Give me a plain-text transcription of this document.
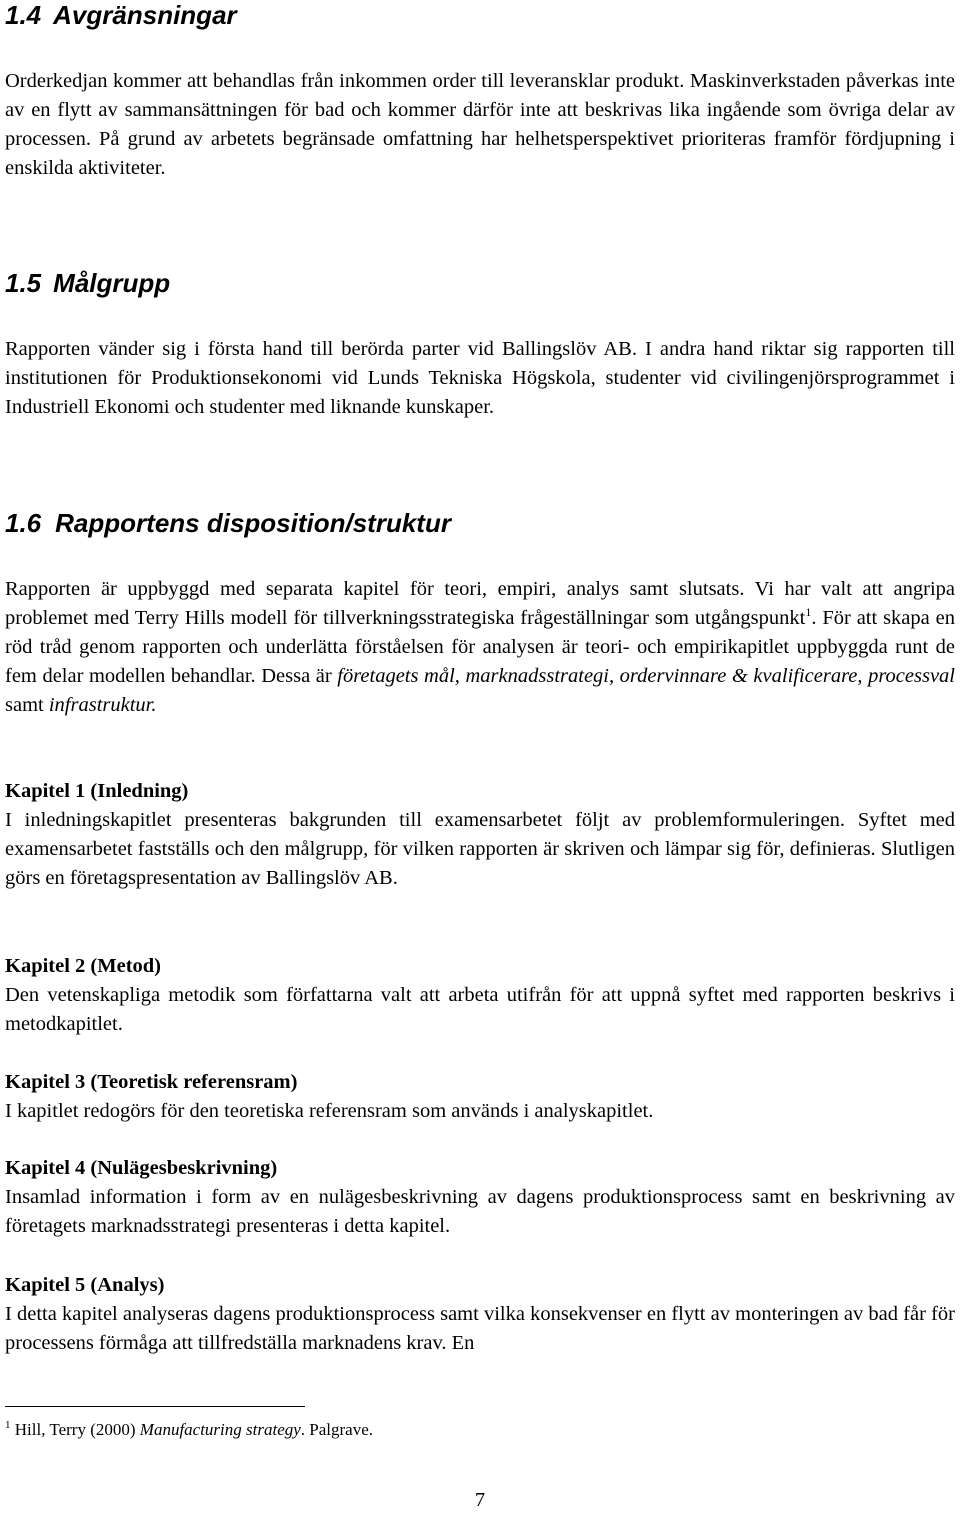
1.4 Avgränsningar

Orderkedjan kommer att behandlas från inkommen order till leveransklar produkt. Maskinverkstaden påverkas inte av en flytt av sammansättningen för bad och kommer därför inte att beskrivas lika ingående som övriga delar av processen. På grund av arbetets begränsade omfattning har helhetsperspektivet prioriteras framför fördjupning i enskilda aktiviteter.

1.5 Målgrupp

Rapporten vänder sig i första hand till berörda parter vid Ballingslöv AB. I andra hand riktar sig rapporten till institutionen för Produktionsekonomi vid Lunds Tekniska Högskola, studenter vid civilingenjörsprogrammet i Industriell Ekonomi och studenter med liknande kunskaper.

1.6 Rapportens disposition/struktur

Rapporten är uppbyggd med separata kapitel för teori, empiri, analys samt slutsats. Vi har valt att angripa problemet med Terry Hills modell för tillverkningsstrategiska frågeställningar som utgångspunkt$^1$. För att skapa en röd tråd genom rapporten och underlätta förståelsen för analysen är teori- och empirikapitlet uppbyggda runt de fem delar modellen behandlar. Dessa är företagets mål, marknadsstrategi, ordervinnare & kvalificerare, processval samt infrastruktur.

Kapitel 1 (Inledning)

I inledningskapitlet presenteras bakgrunden till examensarbetet följt av problemformuleringen. Syftet med examensarbetet fastställs och den målgrupp, för vilken rapporten är skriven och lämpar sig för, definieras. Slutligen görs en företagspresentation av Ballingslöv AB.

Kapitel 2 (Metod)

Den vetenskapliga metodik som författarna valt att arbeta utifrån för att uppnå syftet med rapporten beskrivs i metodkapitlet.

Kapitel 3 (Teoretisk referensram)

I kapitlet redogörs för den teoretiska referensram som används i analyskapitlet.

Kapitel 4 (Nulägesbeskrivning)

Insamlad information i form av en nulägesbeskrivning av dagens produktionsprocess samt en beskrivning av företagets marknadsstrategi presenteras i detta kapitel.

Kapitel 5 (Analys)

I detta kapitel analyseras dagens produktionsprocess samt vilka konsekvenser en flytt av monteringen av bad får för processens förmåga att tillfredställa marknadens krav. En

$^1$ Hill, Terry (2000) Manufacturing strategy. Palgrave.
7
